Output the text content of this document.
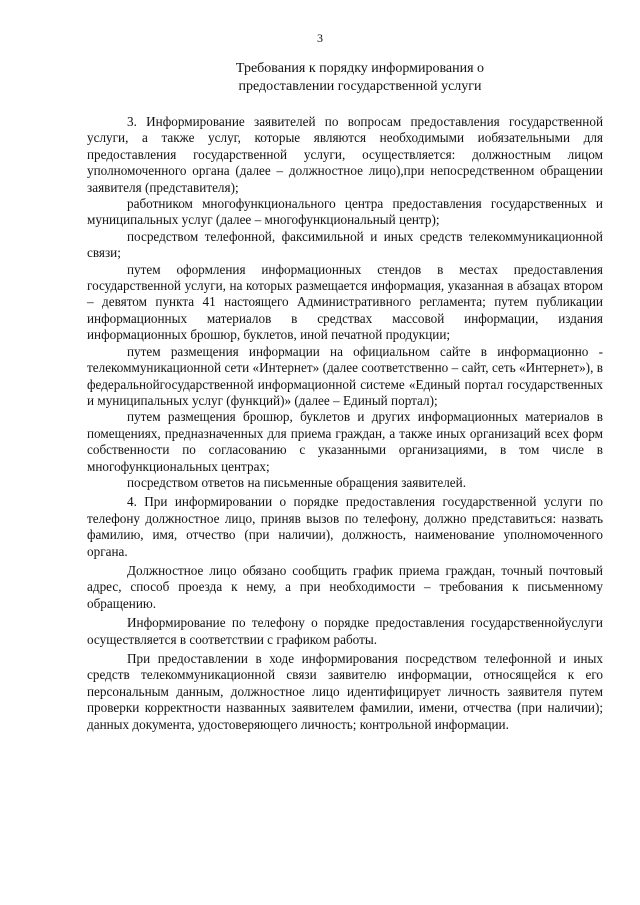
3
Требования к порядку информирования о
предоставлении государственной услуги

3. Информирование заявителей по вопросам предоставления государственной услуги, а также услуг, которые являются необходимыми иобязательными для предоставления государственной услуги, осуществляется: должностным лицом уполномоченного органа (далее – должностное лицо),при непосредственном обращении заявителя (представителя);

работником многофункционального центра предоставления государственных и муниципальных услуг (далее – многофункциональный центр);

посредством телефонной, факсимильной и иных средств телекоммуникационной связи;

путем оформления информационных стендов в местах предоставления государственной услуги, на которых размещается информация, указанная в абзацах втором – девятом пункта 41 настоящего Административного регламента; путем публикации информационных материалов в средствах массовой информации, издания информационных брошюр, буклетов, иной печатной продукции;

путем размещения информации на официальном сайте в информационно - телекоммуникационной сети «Интернет» (далее соответственно – сайт, сеть «Интернет»), в федеральнойгосударственной информационной системе «Единый портал государственных и муниципальных услуг (функций)» (далее – Единый портал);

путем размещения брошюр, буклетов и других информационных материалов в помещениях, предназначенных для приема граждан, а также иных организаций всех форм собственности по согласованию с указанными организациями, в том числе в многофункциональных центрах;

посредством ответов на письменные обращения заявителей.

4. При информировании о порядке предоставления государственной услуги по телефону должностное лицо, приняв вызов по телефону, должно представиться: назвать фамилию, имя, отчество (при наличии), должность, наименование уполномоченного органа.

Должностное лицо обязано сообщить график приема граждан, точный почтовый адрес, способ проезда к нему, а при необходимости – требования к письменному обращению.

Информирование по телефону о порядке предоставления государственнойуслуги осуществляется в соответствии с графиком работы.

При предоставлении в ходе информирования посредством телефонной и иных средств телекоммуникационной связи заявителю информации, относящейся к его персональным данным, должностное лицо идентифицирует личность заявителя путем проверки корректности названных заявителем фамилии, имени, отчества (при наличии); данных документа, удостоверяющего личность; контрольной информации.
